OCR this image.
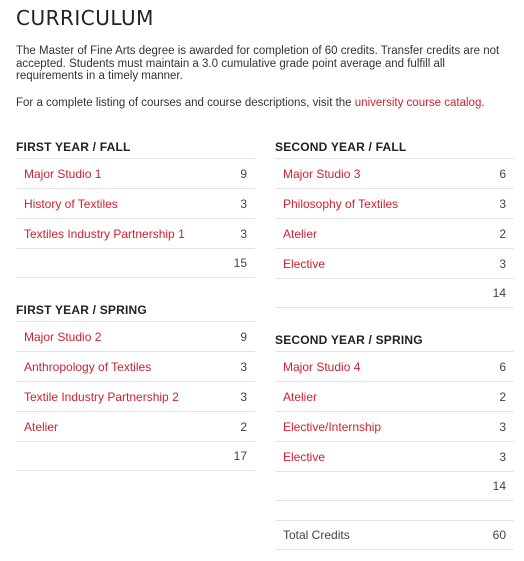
CURRICULUM

The Master of Fine Arts degree is awarded for completion of 60 credits. Transfer credits are not accepted. Students must maintain a 3.0 cumulative grade point average and fulfill all requirements in a timely manner.

For a complete listing of courses and course descriptions, visit the university course catalog.

FIRST YEAR / FALL
Major Studio 1	9
History of Textiles	3
Textiles Industry Partnership 1	3
15
FIRST YEAR / SPRING
Major Studio 2	9
Anthropology of Textiles	3
Textile Industry Partnership 2	3
Atelier	2
17
SECOND YEAR / FALL
Major Studio 3	6
Philosophy of Textiles	3
Atelier	2
Elective	3
14
SECOND YEAR / SPRING
Major Studio 4	6
Atelier	2
Elective/Internship	3
Elective	3
14
Total Credits	60
